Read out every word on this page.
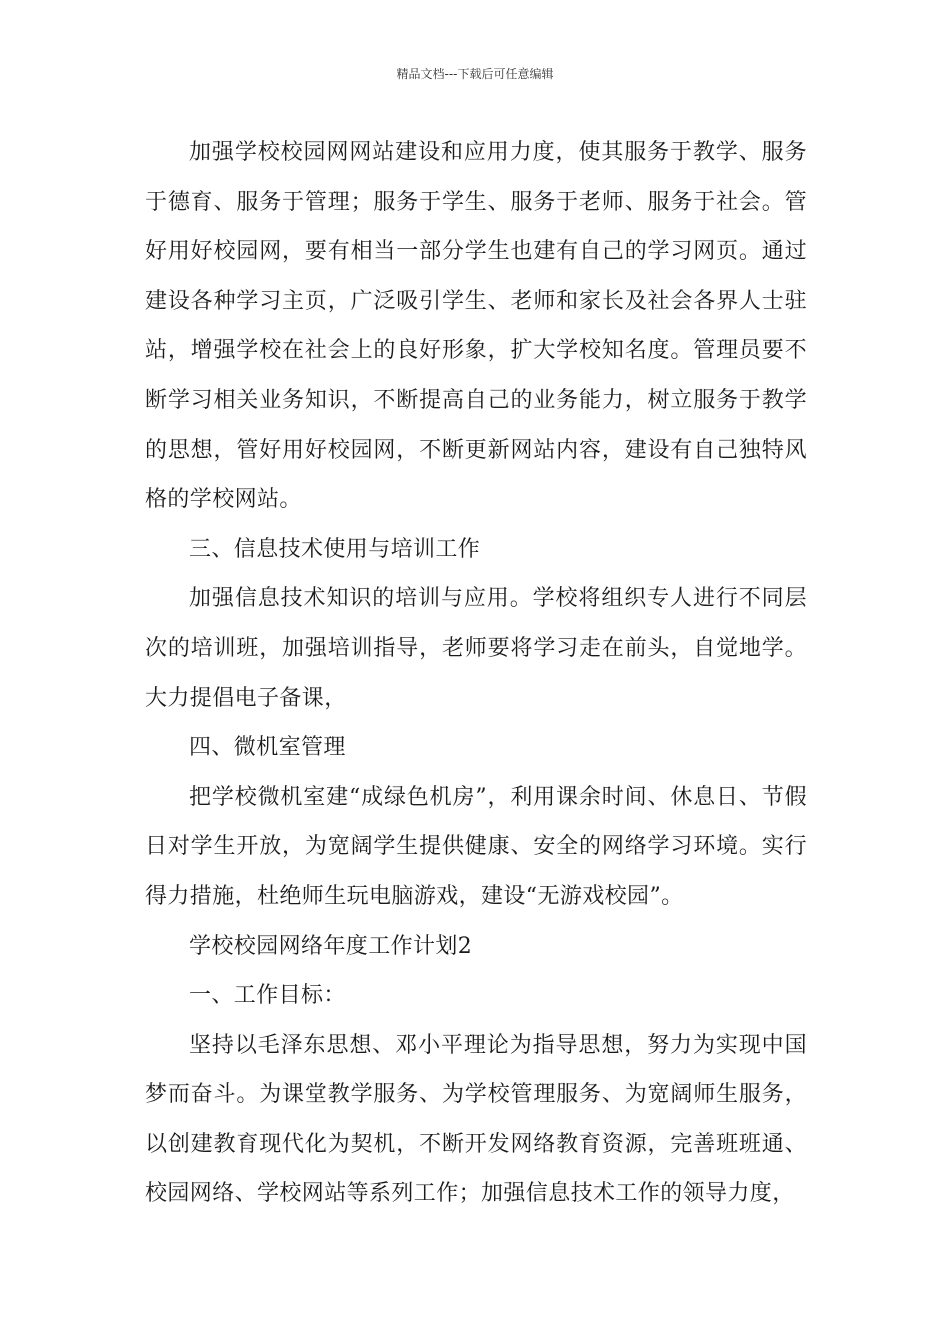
精品文档---下载后可任意编辑

加强学校校园网网站建设和应用力度，使其服务于教学、服务于德育、服务于管理；服务于学生、服务于老师、服务于社会。管好用好校园网，要有相当一部分学生也建有自己的学习网页。通过建设各种学习主页，广泛吸引学生、老师和家长及社会各界人士驻站，增强学校在社会上的良好形象，扩大学校知名度。管理员要不断学习相关业务知识，不断提高自己的业务能力，树立服务于教学的思想，管好用好校园网，不断更新网站内容，建设有自己独特风格的学校网站。

三、信息技术使用与培训工作

加强信息技术知识的培训与应用。学校将组织专人进行不同层次的培训班，加强培训指导，老师要将学习走在前头，自觉地学。大力提倡电子备课，

四、微机室管理

把学校微机室建“成绿色机房”，利用课余时间、休息日、节假日对学生开放，为宽阔学生提供健康、安全的网络学习环境。实行得力措施，杜绝师生玩电脑游戏，建设“无游戏校园”。

学校校园网络年度工作计划2

一、工作目标：

坚持以毛泽东思想、邓小平理论为指导思想，努力为实现中国梦而奋斗。为课堂教学服务、为学校管理服务、为宽阔师生服务，以创建教育现代化为契机，不断开发网络教育资源，完善班班通、校园网络、学校网站等系列工作；加强信息技术工作的领导力度，
